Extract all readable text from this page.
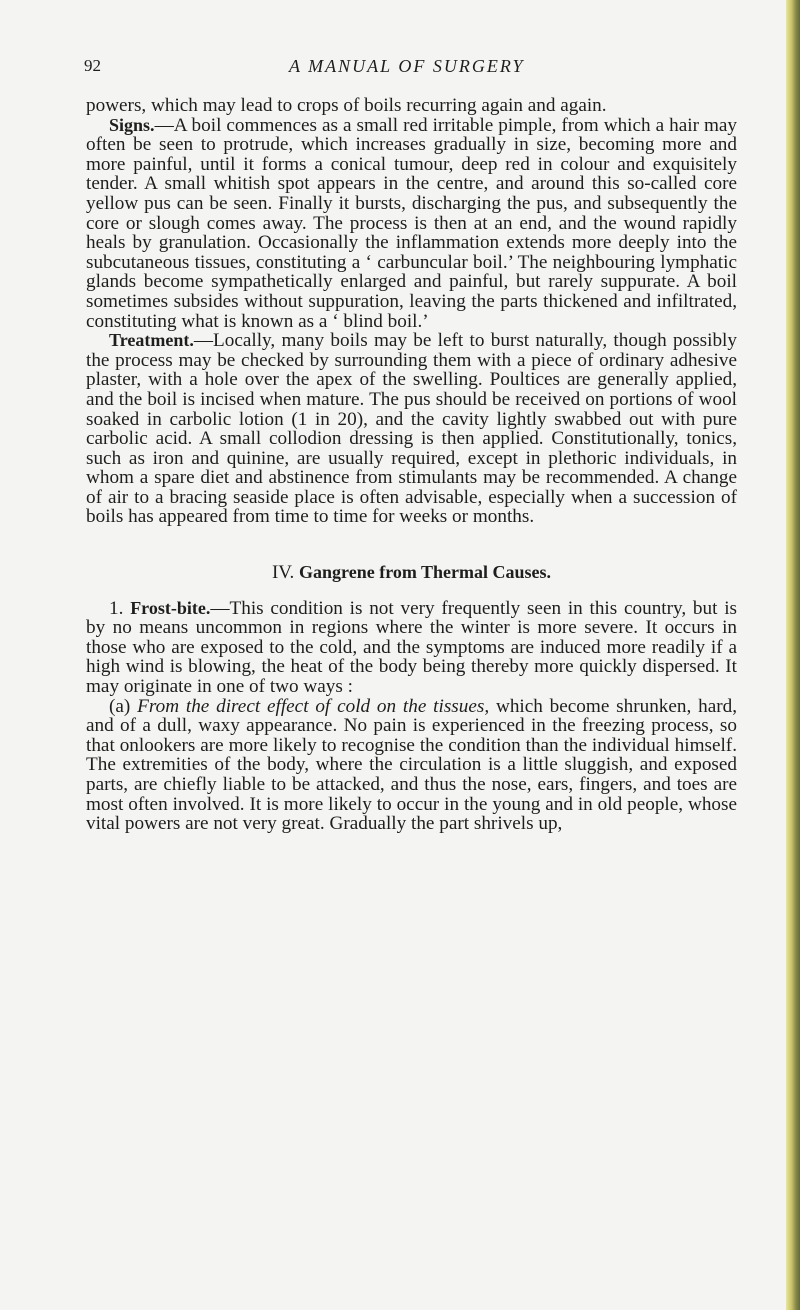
92	A MANUAL OF SURGERY

powers, which may lead to crops of boils recurring again and again.

Signs.—A boil commences as a small red irritable pimple, from which a hair may often be seen to protrude, which increases gradually in size, becoming more and more painful, until it forms a conical tumour, deep red in colour and exquisitely tender. A small whitish spot appears in the centre, and around this so-called core yellow pus can be seen. Finally it bursts, discharging the pus, and subsequently the core or slough comes away. The process is then at an end, and the wound rapidly heals by granulation. Occasionally the inflammation extends more deeply into the subcutaneous tissues, constituting a ‘ carbuncular boil.’ The neighbouring lymphatic glands become sympathetically enlarged and painful, but rarely suppurate. A boil sometimes subsides without suppuration, leaving the parts thickened and infiltrated, constituting what is known as a ‘ blind boil.’

Treatment.—Locally, many boils may be left to burst naturally, though possibly the process may be checked by surrounding them with a piece of ordinary adhesive plaster, with a hole over the apex of the swelling. Poultices are generally applied, and the boil is incised when mature. The pus should be received on portions of wool soaked in carbolic lotion (1 in 20), and the cavity lightly swabbed out with pure carbolic acid. A small collodion dressing is then applied. Constitutionally, tonics, such as iron and quinine, are usually required, except in plethoric individuals, in whom a spare diet and abstinence from stimulants may be recommended. A change of air to a bracing seaside place is often advisable, especially when a succession of boils has appeared from time to time for weeks or months.

IV. Gangrene from Thermal Causes.

1. Frost-bite.—This condition is not very frequently seen in this country, but is by no means uncommon in regions where the winter is more severe. It occurs in those who are exposed to the cold, and the symptoms are induced more readily if a high wind is blowing, the heat of the body being thereby more quickly dispersed. It may originate in one of two ways :

(a) From the direct effect of cold on the tissues, which become shrunken, hard, and of a dull, waxy appearance. No pain is experienced in the freezing process, so that onlookers are more likely to recognise the condition than the individual himself. The extremities of the body, where the circulation is a little sluggish, and exposed parts, are chiefly liable to be attacked, and thus the nose, ears, fingers, and toes are most often involved. It is more likely to occur in the young and in old people, whose vital powers are not very great. Gradually the part shrivels up,
